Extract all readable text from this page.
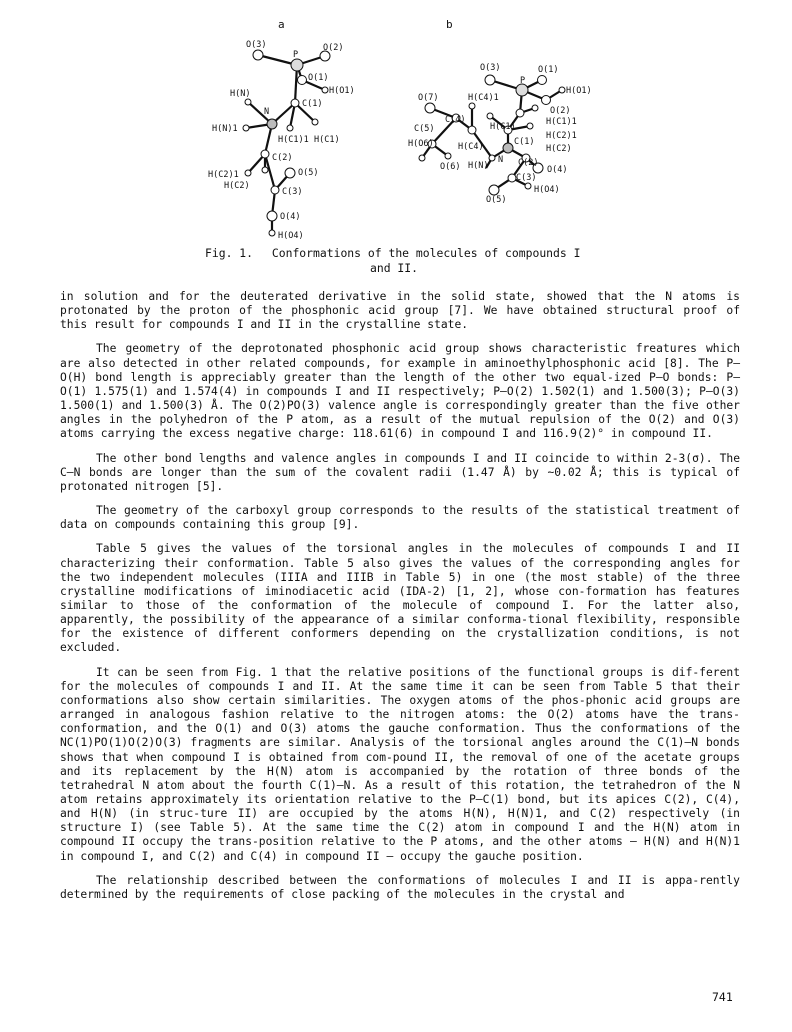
a	b
O(3)
P
O(2)
O(1)
H(O1)
H(N)
N
C(1)
H(N)1
H(C1)1 H(C1)
C(2)
H(C2)1
H(C2)
O(5)
C(3)
O(4)
H(O4)
O(3)
P
O(1)
H(O1)
O(7)	H(C4)1
O(2)
H(C1)1
C(4)
C(5)	H(C1)
H(C2)1
H(O6)	H(C4)	C(1)
H(C2)
O(6) H(N)
N C(2)
O(4)
C(3)
H(O4)
O(5)
Fig. 1. Conformations of the molecules of compounds I
and II.

in solution and for the deuterated derivative in the solid state, showed that the N atoms is protonated by the proton of the phosphonic acid group [7]. We have obtained structural proof of this result for compounds I and II in the crystalline state.

The geometry of the deprotonated phosphonic acid group shows characteristic freatures which are also detected in other related compounds, for example in aminoethylphosphonic acid [8]. The P—O(H) bond length is appreciably greater than the length of the other two equal-ized P—O bonds: P—O(1) 1.575(1) and 1.574(4) in compounds I and II respectively; P—O(2) 1.502(1) and 1.500(3); P—O(3) 1.500(1) and 1.500(3) Å. The O(2)PO(3) valence angle is correspondingly greater than the five other angles in the polyhedron of the P atom, as a result of the mutual repulsion of the O(2) and O(3) atoms carrying the excess negative charge: 118.61(6) in compound I and 116.9(2)° in compound II.

The other bond lengths and valence angles in compounds I and II coincide to within 2-3(σ). The C—N bonds are longer than the sum of the covalent radii (1.47 Å) by ~0.02 Å; this is typical of protonated nitrogen [5].

The geometry of the carboxyl group corresponds to the results of the statistical treatment of data on compounds containing this group [9].

Table 5 gives the values of the torsional angles in the molecules of compounds I and II characterizing their conformation. Table 5 also gives the values of the corresponding angles for the two independent molecules (IIIA and IIIB in Table 5) in one (the most stable) of the three crystalline modifications of iminodiacetic acid (IDA-2) [1, 2], whose con-formation has features similar to those of the conformation of the molecule of compound I. For the latter also, apparently, the possibility of the appearance of a similar conforma-tional flexibility, responsible for the existence of different conformers depending on the crystallization conditions, is not excluded.

It can be seen from Fig. 1 that the relative positions of the functional groups is dif-ferent for the molecules of compounds I and II. At the same time it can be seen from Table 5 that their conformations also show certain similarities. The oxygen atoms of the phos-phonic acid groups are arranged in analogous fashion relative to the nitrogen atoms: the O(2) atoms have the trans-conformation, and the O(1) and O(3) atoms the gauche conformation. Thus the conformations of the NC(1)PO(1)O(2)O(3) fragments are similar. Analysis of the torsional angles around the C(1)—N bonds shows that when compound I is obtained from com-pound II, the removal of one of the acetate groups and its replacement by the H(N) atom is accompanied by the rotation of three bonds of the tetrahedral N atom about the fourth C(1)—N. As a result of this rotation, the tetrahedron of the N atom retains approximately its orientation relative to the P—C(1) bond, but its apices C(2), C(4), and H(N) (in struc-ture II) are occupied by the atoms H(N), H(N)1, and C(2) respectively (in structure I) (see Table 5). At the same time the C(2) atom in compound I and the H(N) atom in compound II occupy the trans-position relative to the P atoms, and the other atoms — H(N) and H(N)1 in compound I, and C(2) and C(4) in compound II — occupy the gauche position.

The relationship described between the conformations of molecules I and II is appa-rently determined by the requirements of close packing of the molecules in the crystal and

741
